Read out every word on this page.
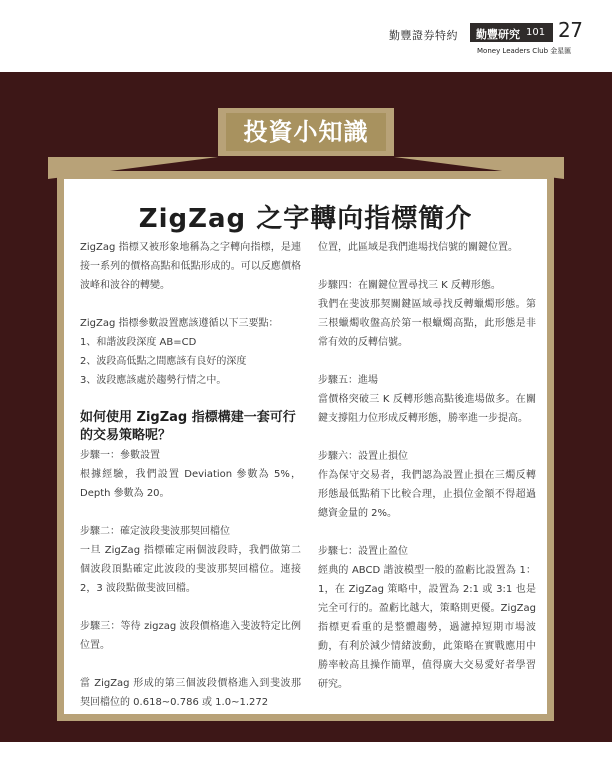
勤豐證券特約 勤豐研究 101 27
Money Leaders Club 金星匯
投資小知識
ZigZag 之字轉向指標簡介

ZigZag 指標又被形象地稱為之字轉向指標，是連接一系列的價格高點和低點形成的。可以反應價格波峰和波谷的轉變。

ZigZag 指標參數設置應該遵循以下三要點：

1、和諧波段深度 AB=CD

2、波段高低點之間應該有良好的深度

3、波段應該處於趨勢行情之中。

如何使用 ZigZag 指標構建一套可行的交易策略呢？

步驟一：參數設置

根據經驗，我們設置 Deviation 參數為 5%，Depth 參數為 20。

步驟二：確定波段斐波那契回檔位

一旦 ZigZag 指標確定兩個波段時，我們做第二個波段頂點確定此波段的斐波那契回檔位。連接 2，3 波段點做斐波回檔。

步驟三：等待 zigzag 波段價格進入斐波特定比例位置。

當 ZigZag 形成的第三個波段價格進入到斐波那契回檔位的 0.618~0.786 或 1.0~1.272

位置，此區域是我們進場找信號的關鍵位置。

步驟四：在關鍵位置尋找三 K 反轉形態。

我們在斐波那契關鍵區域尋找反轉蠟燭形態。第三根蠟燭收盤高於第一根蠟燭高點，此形態是非常有效的反轉信號。

步驟五：進場

當價格突破三 K 反轉形態高點後進場做多。在關鍵支撐阻力位形成反轉形態，勝率進一步提高。

步驟六：設置止損位

作為保守交易者，我們認為設置止損在三燭反轉形態最低點稍下比較合理，止損位金額不得超過總資金量的 2%。

步驟七：設置止盈位

經典的 ABCD 諧波模型一般的盈虧比設置為 1：1，在 ZigZag 策略中，設置為 2:1 或 3:1 也是完全可行的。盈虧比越大，策略則更優。ZigZag 指標更看重的是整體趨勢，過濾掉短期市場波動，有利於減少情緒波動，此策略在實戰應用中勝率較高且操作簡單，值得廣大交易愛好者學習研究。
